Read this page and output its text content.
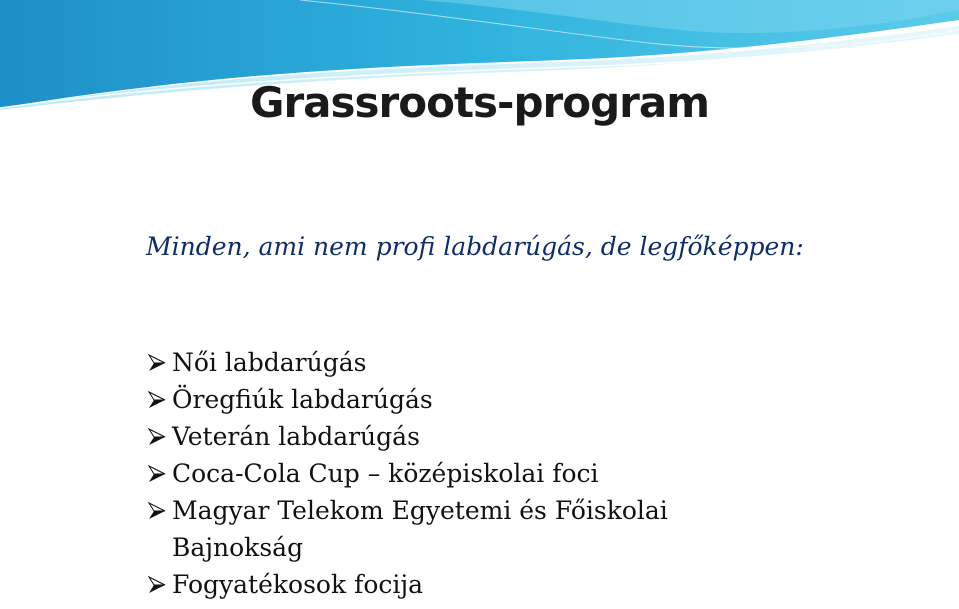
Grassroots-program

Minden, ami nem profi labdarúgás, de legfőképpen:

Női labdarúgás
Öregfiúk labdarúgás
Veterán labdarúgás
Coca-Cola Cup – középiskolai foci
Magyar Telekom Egyetemi és Főiskolai Bajnokság
Fogyatékosok focija
